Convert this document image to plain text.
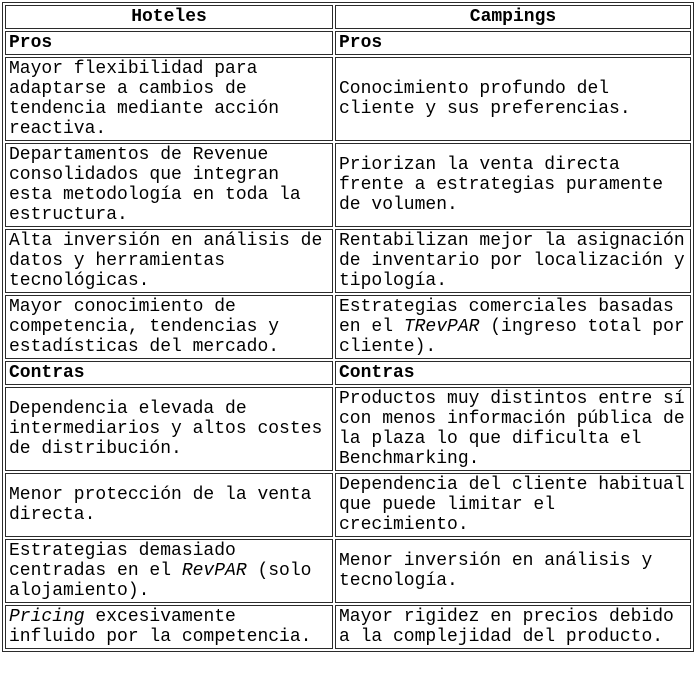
Hoteles	Campings
Pros	Pros
Mayor flexibilidad para adaptarse a cambios de tendencia mediante acción reactiva.	Conocimiento profundo del cliente y sus preferencias.
Departamentos de Revenue consolidados que integran esta metodología en toda la estructura.	Priorizan la venta directa frente a estrategias puramente de volumen.
Alta inversión en análisis de datos y herramientas tecnológicas.	Rentabilizan mejor la asignación de inventario por localización y tipología.
Mayor conocimiento de competencia, tendencias y estadísticas del mercado.	Estrategias comerciales basadas en el TRevPAR (ingreso total por cliente).
Contras	Contras
Dependencia elevada de intermediarios y altos costes de distribución.	Productos muy distintos entre sí con menos información pública de la plaza lo que dificulta el Benchmarking.
Menor protección de la venta directa.	Dependencia del cliente habitual que puede limitar el crecimiento.
Estrategias demasiado centradas en el RevPAR (solo alojamiento).	Menor inversión en análisis y tecnología.
Pricing excesivamente influido por la competencia.	Mayor rigidez en precios debido a la complejidad del producto.
